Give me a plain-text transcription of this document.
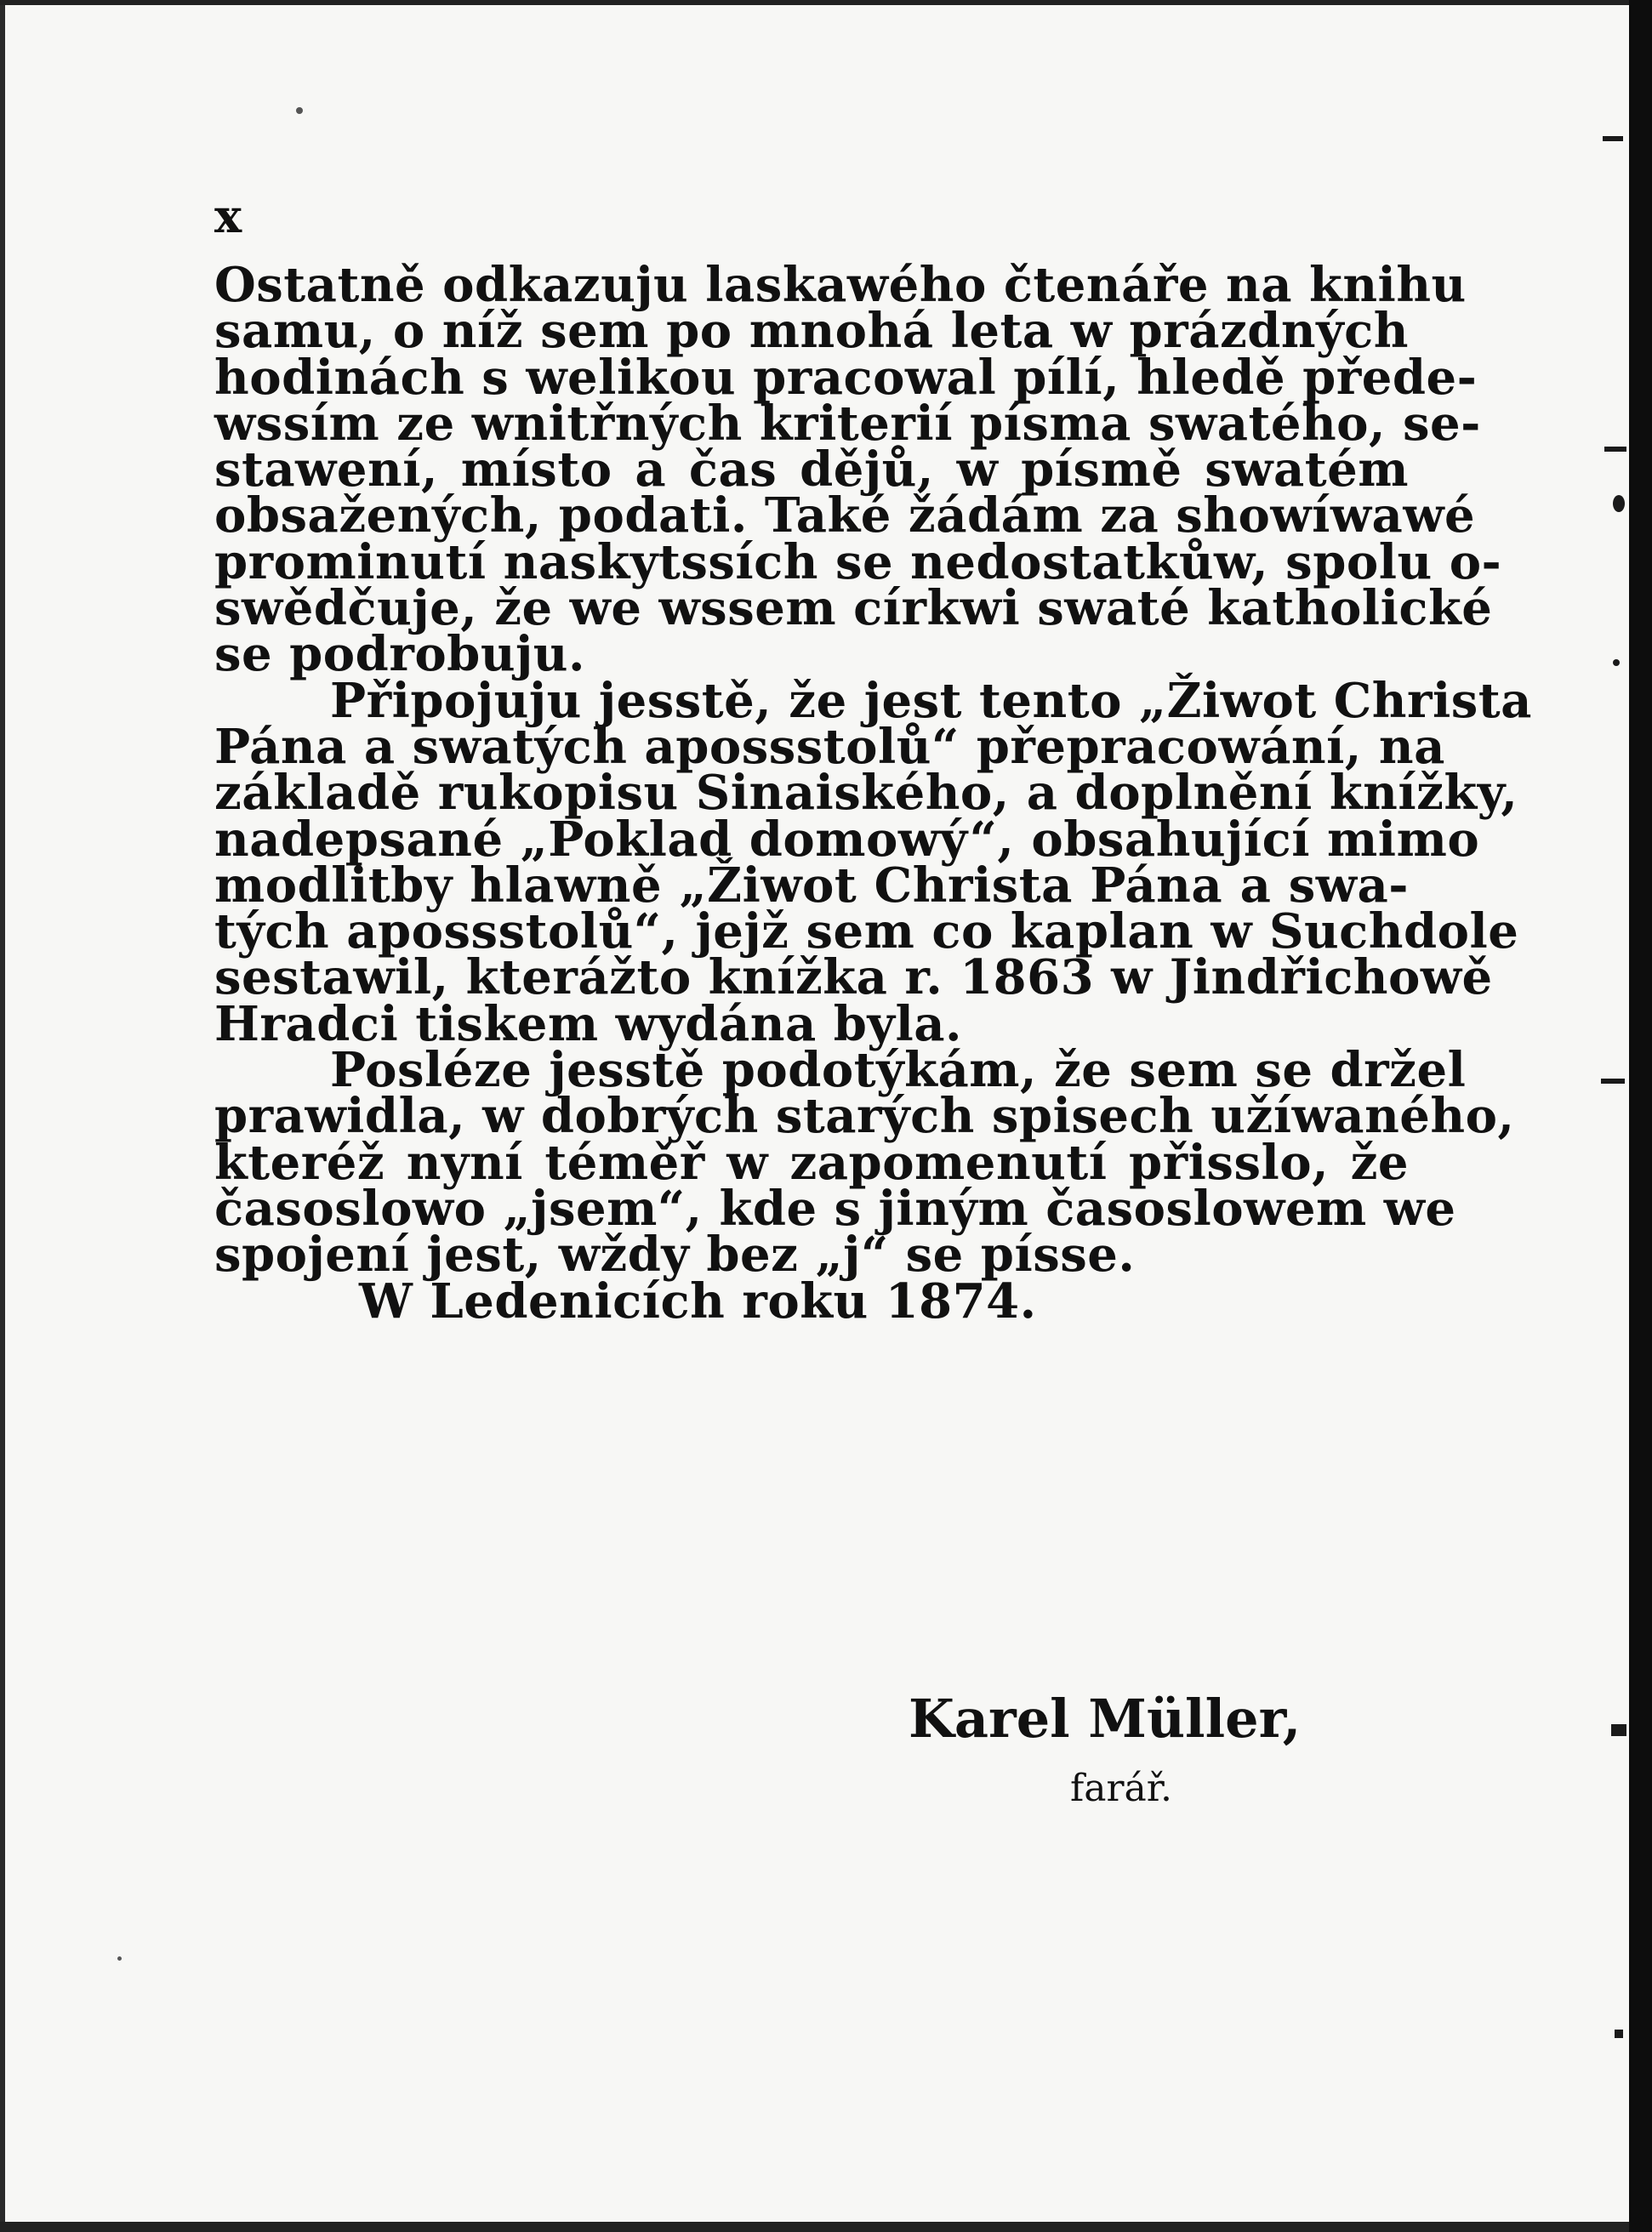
x
Ostatně odkazuju laskawého čtenáře na knihu
samu, o níž sem po mnohá leta w prázdných
hodinách s welikou pracowal pílí, hledě přede-
wssím ze wnitřných kriterií písma swatého, se-
stawení, místo a čas dějů, w písmě swatém
obsažených, podati. Také žádám za showíwawé
prominutí naskytssích se nedostatkůw, spolu o-
swědčuje, že we wssem církwi swaté katholické
se podrobuju.
Připojuju jesstě, že jest tento „Žiwot Christa
Pána a swatých apossstolů“ přepracowání, na
základě rukopisu Sinaiského, a doplnění knížky,
nadepsané „Poklad domowý“, obsahující mimo
modlitby hlawně „Žiwot Christa Pána a swa-
tých apossstolů“, jejž sem co kaplan w Suchdole
sestawil, kterážto knížka r. 1863 w Jindřichowě
Hradci tiskem wydána byla.
Posléze jesstě podotýkám, že sem se držel
prawidla, w dobrých starých spisech užíwaného,
kteréž nyní téměř w zapomenutí přisslo, že
časoslowo „jsem“, kde s jiným časoslowem we
spojení jest, wždy bez „j“ se písse.
W Ledenicích roku 1874.
Karel Müller,
farář.
